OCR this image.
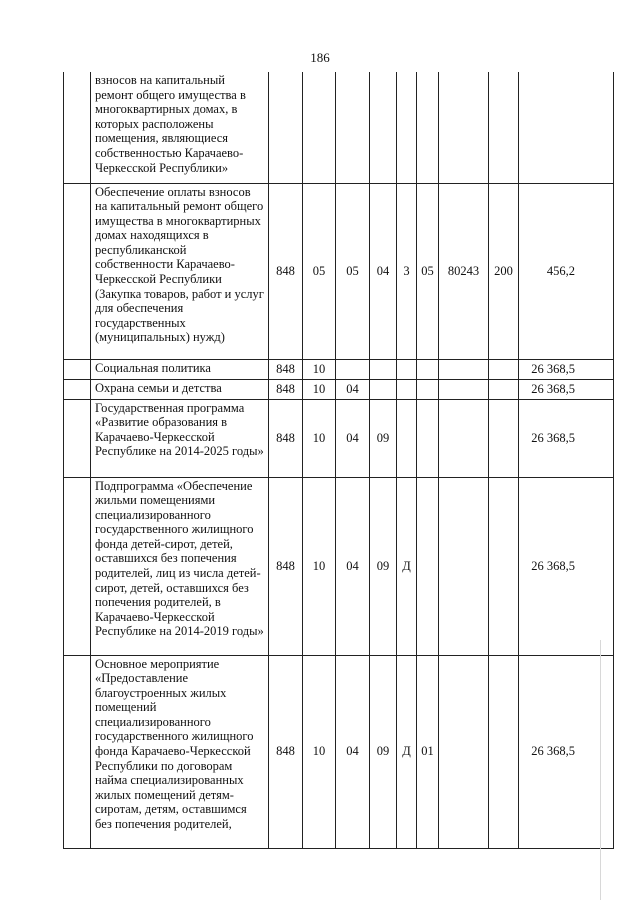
186
	взносов на капитальный ремонт общего имущества в многоквартирных домах, в которых расположены помещения, являющиеся собственностью Карачаево-Черкесской Республики»									
	Обеспечение оплаты взносов на капитальный ремонт общего имущества в многоквартирных домах находящихся в республиканской собственности Карачаево-Черкесской Республики (Закупка товаров, работ и услуг для обеспечения государственных (муниципальных) нужд)	848	05	05	04	3	05	80243	200	456,2
	Социальная политика	848	10							26 368,5
	Охрана семьи и детства	848	10	04						26 368,5
	Государственная программа «Развитие образования в Карачаево-Черкесской Республике на 2014-2025 годы»	848	10	04	09					26 368,5
	Подпрограмма «Обеспечение жильми помещениями специализированного государственного жилищного фонда детей-сирот, детей, оставшихся без попечения родителей, лиц из числа детей-сирот, детей, оставшихся без попечения родителей, в Карачаево-Черкесской Республике на 2014-2019 годы»	848	10	04	09	Д				26 368,5
	Основное мероприятие «Предоставление благоустроенных жилых помещений специализированного государственного жилищного фонда Карачаево-Черкесской Республики по договорам найма специализированных жилых помещений детям-сиротам, детям, оставшимся без попечения родителей,	848	10	04	09	Д	01			26 368,5
